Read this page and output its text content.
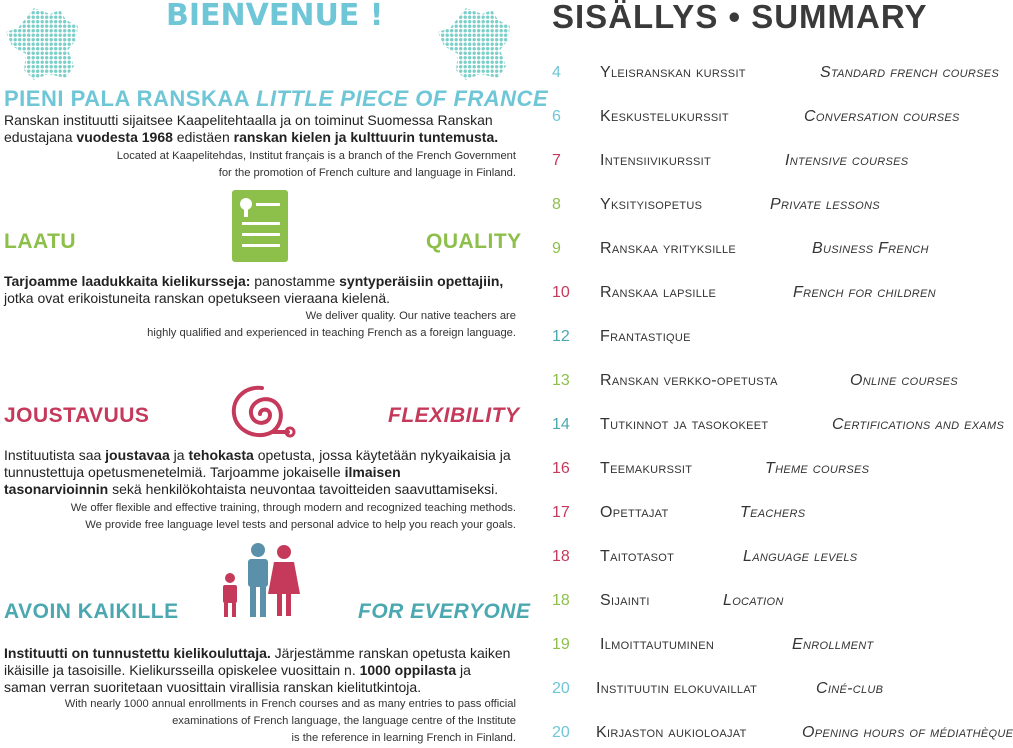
BIENVENUE !
PIENI PALA RANSKAA LITTLE PIECE OF FRANCE
Ranskan instituutti sijaitsee Kaapelitehtaalla ja on toiminut Suomessa Ranskan
edustajana vuodesta 1968 edistäen ranskan kielen ja kulttuurin tuntemusta.
Located at Kaapelitehdas, Institut français is a branch of the French Government
for the promotion of French culture and language in Finland.
LAATU	QUALITY
Tarjoamme laadukkaita kielikursseja: panostamme syntyperäisiin opettajiin,
jotka ovat erikoistuneita ranskan opetukseen vieraana kielenä.
We deliver quality. Our native teachers are
highly qualified and experienced in teaching French as a foreign language.
JOUSTAVUUS	FLEXIBILITY
Instituutista saa joustavaa ja tehokasta opetusta, jossa käytetään nykyaikaisia ja
tunnustettuja opetusmenetelmiä. Tarjoamme jokaiselle ilmaisen
tasonarvioinnin sekä henkilökohtaista neuvontaa tavoitteiden saavuttamiseksi.
We offer flexible and effective training, through modern and recognized teaching methods.
We provide free language level tests and personal advice to help you reach your goals.
AVOIN KAIKILLE	FOR EVERYONE
Instituutti on tunnustettu kielikouluttaja. Järjestämme ranskan opetusta kaiken
ikäisille ja tasoisille. Kielikursseilla opiskelee vuosittain n. 1000 oppilasta ja
saman verran suoritetaan vuosittain virallisia ranskan kielitutkintoja.
With nearly 1000 annual enrollments in French courses and as many entries to pass official
examinations of French language, the language centre of the Institute
is the reference in learning French in Finland.
SISÄLLYS • SUMMARY
4	Yleisranskan kurssit	Standard french courses
6	Keskustelukurssit	Conversation courses
7	Intensiivikurssit	Intensive courses
8	Yksityisopetus	Private lessons
9	Ranskaa yrityksille	Business French
10	Ranskaa lapsille	French for children
12	Frantastique
13	Ranskan verkko-opetusta	Online courses
14	Tutkinnot ja tasokokeet	Certifications and exams
16	Teemakurssit	Theme courses
17	Opettajat	Teachers
18	Taitotasot	Language levels
18	Sijainti	Location
19	Ilmoittautuminen	Enrollment
20	Instituutin elokuvaillat	Ciné-club
20	Kirjaston aukioloajat	Opening hours of médiathèque
